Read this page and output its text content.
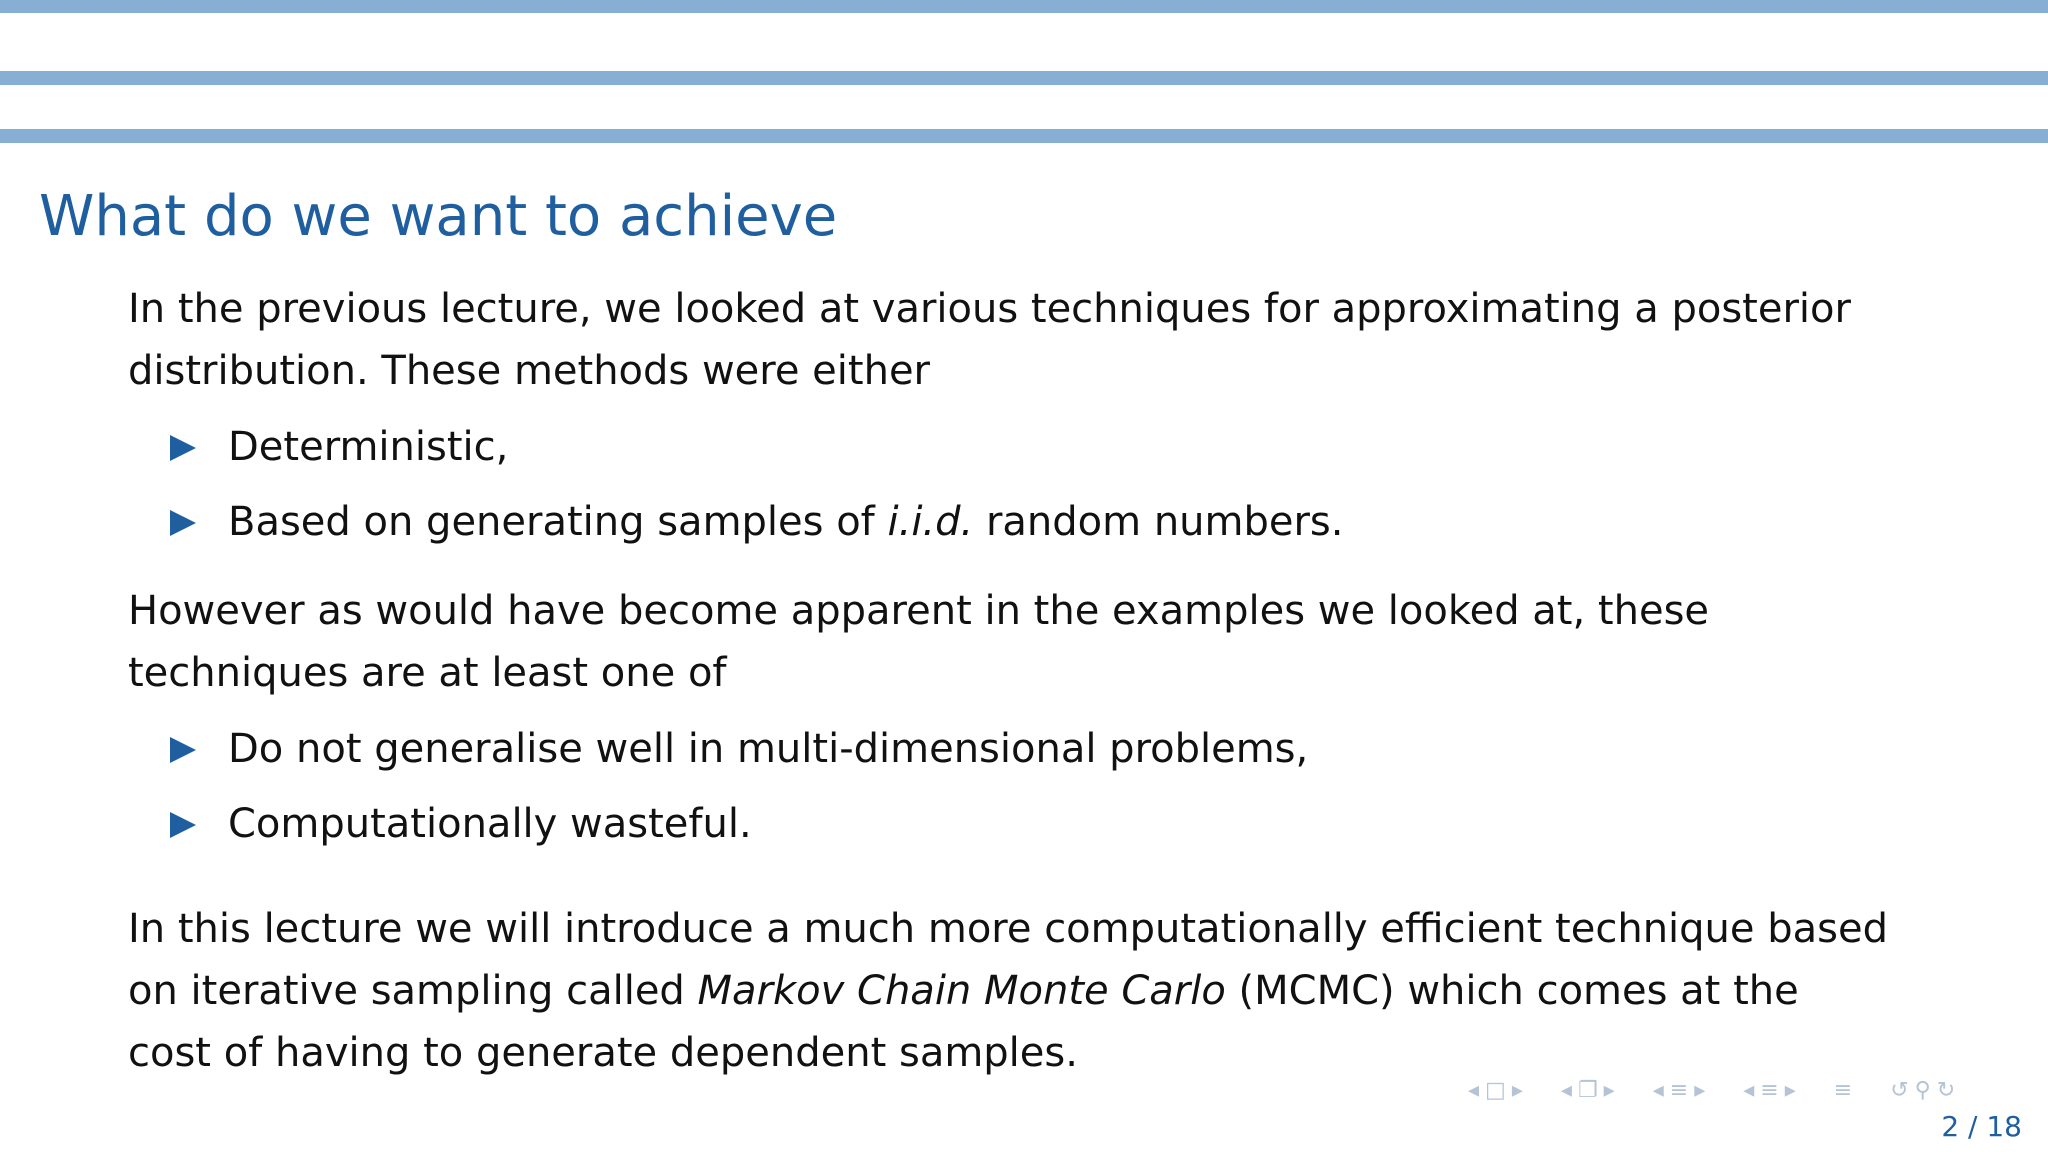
What do we want to achieve

In the previous lecture, we looked at various techniques for approximating a posterior
distribution. These methods were either

Deterministic,
Based on generating samples of i.i.d. random numbers.

However as would have become apparent in the examples we looked at, these
techniques are at least one of

Do not generalise well in multi-dimensional problems,
Computationally wasteful.

In this lecture we will introduce a much more computationally efficient technique based
on iterative sampling called Markov Chain Monte Carlo (MCMC) which comes at the
cost of having to generate dependent samples.

◂ □ ▸ ◂ ❐ ▸ ◂ ≡ ▸ ◂ ≡ ▸ ≡ ↺ ⚲ ↻
2 / 18
